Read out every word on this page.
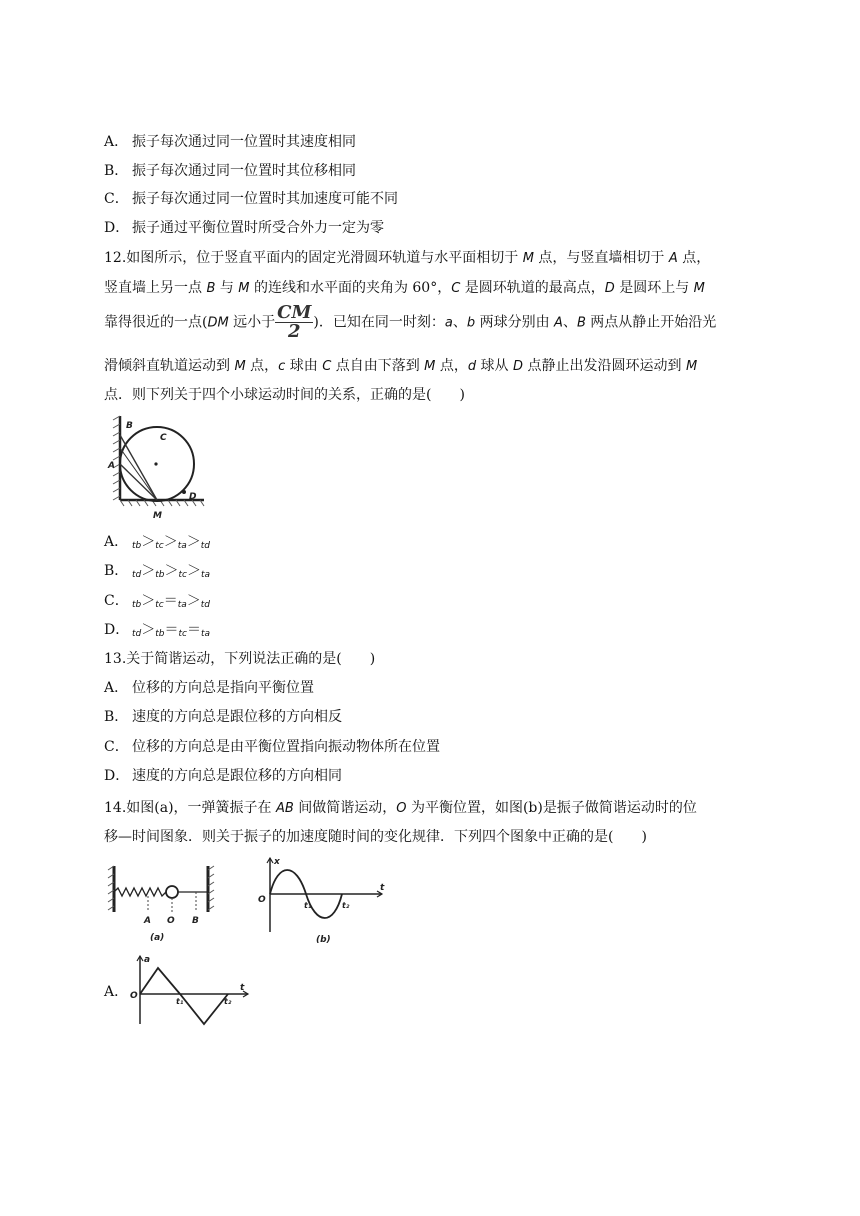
A． 振子每次通过同一位置时其速度相同
B． 振子每次通过同一位置时其位移相同
C． 振子每次通过同一位置时其加速度可能不同
D． 振子通过平衡位置时所受合外力一定为零
12.如图所示，位于竖直平面内的固定光滑圆环轨道与水平面相切于 M 点，与竖直墙相切于 A 点，
竖直墙上另一点 B 与 M 的连线和水平面的夹角为 60°，C 是圆环轨道的最高点，D 是圆环上与 M
靠得很近的一点(DM 远小于 $\frac{CM}{2}$ )．已知在同一时刻：a、b 两球分别由 A、B 两点从静止开始沿光
滑倾斜直轨道运动到 M 点，c 球由 C 点自由下落到 M 点，d 球从 D 点静止出发沿圆环运动到 M
点．则下列关于四个小球运动时间的关系，正确的是(　　)
B
C
A
D
M
A． $_{tb}>_{tc}>_{ta}>_{td}$
B． $_{td}>_{tb}>_{tc}>_{ta}$
C． $_{tb}>_{tc}=_{ta}>_{td}$
D． $_{td}>_{tb}=_{tc}=_{ta}$
13.关于简谐运动，下列说法正确的是(　　)
A． 位移的方向总是指向平衡位置
B． 速度的方向总是跟位移的方向相反
C． 位移的方向总是由平衡位置指向振动物体所在位置
D． 速度的方向总是跟位移的方向相同
14.如图(a)，一弹簧振子在 AB 间做简谐运动，O 为平衡位置，如图(b)是振子做简谐运动时的位
移—时间图象．则关于振子的加速度随时间的变化规律．下列四个图象中正确的是(　　)
A O B
(a)
x
t
O
t₁	t₂
(b)
A．
a
t
O
t₁	t₂
